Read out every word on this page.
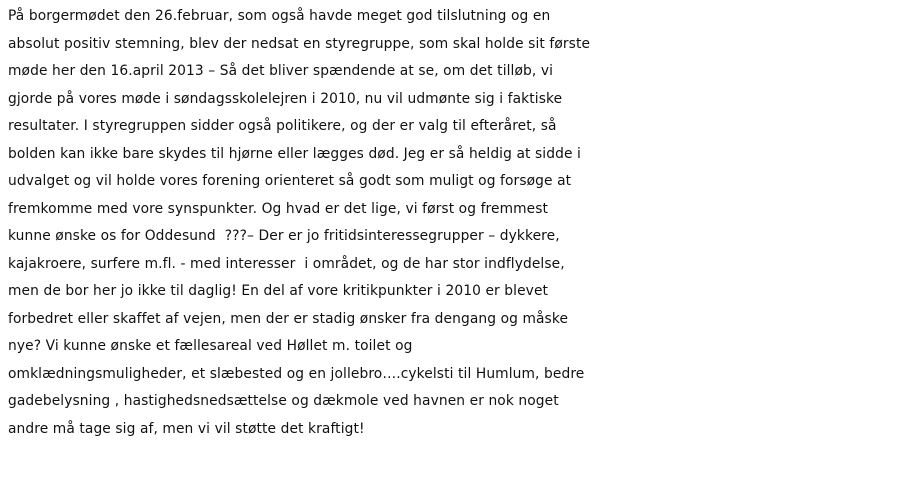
På borgermødet den 26.februar, som også havde meget god tilslutning og en
absolut positiv stemning, blev der nedsat en styregruppe, som skal holde sit første
møde her den 16.april 2013 – Så det bliver spændende at se, om det tilløb, vi
gjorde på vores møde i søndagsskolelejren i 2010, nu vil udmønte sig i faktiske
resultater. I styregruppen sidder også politikere, og der er valg til efteråret, så
bolden kan ikke bare skydes til hjørne eller lægges død. Jeg er så heldig at sidde i
udvalget og vil holde vores forening orienteret så godt som muligt og forsøge at
fremkomme med vore synspunkter. Og hvad er det lige, vi først og fremmest
kunne ønske os for Oddesund  ???– Der er jo fritidsinteressegrupper – dykkere,
kajakroere, surfere m.fl. - med interesser  i området, og de har stor indflydelse,
men de bor her jo ikke til daglig! En del af vore kritikpunkter i 2010 er blevet
forbedret eller skaffet af vejen, men der er stadig ønsker fra dengang og måske
nye? Vi kunne ønske et fællesareal ved Høllet m. toilet og
omklædningsmuligheder, et slæbested og en jollebro….cykelsti til Humlum, bedre
gadebelysning , hastighedsnedsættelse og dækmole ved havnen er nok noget
andre må tage sig af, men vi vil støtte det kraftigt!
